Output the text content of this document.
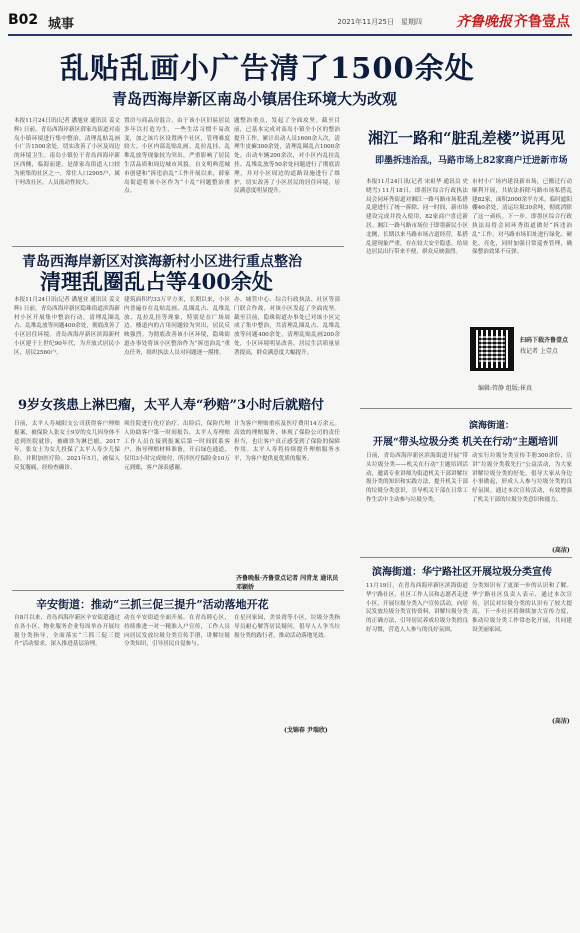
B02 城事	2021年11月25日　星期四 齐鲁晚报 齐鲁壹点
乱贴乱画小广告清了1500余处
青岛西海岸新区南岛小镇居住环境大为改观
本报11月24日讯(记者 潘旭业 通讯员 姜文辉) 日前，青岛西海岸新区薛家岛街道对南岛小镇环境进行集中整治，清理乱贴乱画小广告1500余处，切实改善了小区及周边的环境卫生。南岛小镇位于青岛西海岸新区西侧，临海而建，是薛家岛街道人口较为密集的社区之一，常住人口2905户，属于村改社区，人员流动性较大。
置房与商品房混合，由于该小区旧區居民多年以打造为生，一些生活习惯不易改变，加之该片区设置两个社区，管理难度较大。小区内部乱贴乱画、乱拉乱挂、乱堆乱放等现象较为突出，严重影响了居民生活品质和周边城市风貌。自文明典范城市创建和“拆违治乱”工作开展以来，薛家岛街道将该小区作为“十乱”问题整治重点。
题整治重点，发起了全面攻坚。截至目前，已基本完成对南岛小镇全小区的整治提升工作，累计出动人员1600余人次，清理牛皮癣300余处，清理乱圈乱占1000余处，出动车辆200余次，对小区内乱拉乱挂、乱堆乱放等50余处问题进行了彻底清理，并对小区周边的道路设施进行了维护，切实改善了小区居民的居住环境，居民满意度明显提升。
湘江一路和“脏乱差楼”说再见
即墨拆违治乱，马路市场上82家商户迁进新市场
本报11月24日讯(记者 宋祖华 通讯员 史晓雪) 11月18日，即墨区综合行政执法局会同环秀街道对湘江一路马路市场私搭乱建进行了统一拆除。同一时间，新市场建设完成并投入使用，82家商户喜迁新居。湘江一路马路市场位于即墨新民小区北侧，长期以来马路市场占道经营，私搭乱建现象严重，存在较大安全隐患，给周边居民出行带来不便，群众反映强烈。
市村小广场内建设新市场，已搬迁行动顺利开展，共依法拆除马路市场私搭乱建82家，面积2000余平方米，临时遮阳棚40余处，清运垃圾30余吨，彻底消除了这一顽疾。下一步，即墨区综合行政执法局将会同环秀街道做好“拆违治乱”工作，对马路市场旧址进行绿化、硬化、亮化，同时加强日常巡查管理，确保整治效果不反弹。
扫码下载齐鲁壹点
找记者 上壹点
编辑:管静 组版:崔真
青岛西海岸新区对滨海新村小区进行重点整治
清理乱圈乱占等400余处
本报11月24日讯(记者 潘旭业 通讯员 姜文辉) 日前，青岛西海岸新区隐珠街道滨海新村小区开展集中整治行动，清理乱圈乱占、乱堆乱放等问题400余处，彻底改善了小区居住环境。青岛西海岸新区滨海新村小区建于上世纪90年代，为开放式居民小区，居民2560户。
建筑面积约33万平方米，长期以来，小区内普遍存在乱贴乱画、乱圈乱占、乱堆乱放、乱拉乱挂等现象，特别是在广场周边、楼道内的占用问题较为突出，居民反映强烈。为彻底改善该小区环境，隐珠街道办事处将该小区整治作为“拆违治乱”重点任务，组织执法人员对问题逐一摸排。
办、城管中心、综合行政执法、社区等部门联合作战，对该小区发起了全面攻坚。截至目前，隐珠街道办事处已对该小区完成了集中整治，共清理乱圈乱占、乱堆乱放等问题400余处，清理乱贴乱画200余处，小区环境明显改善，居民生活质量显著提高，群众满意度大幅提升。
9岁女孩患上淋巴瘤，太平人寿“秒赔”3小时后就赔付
日前，太平人寿城阳支公司获得客户理赔报案，被保险人张女士9岁的女儿因身体不适到医院就诊，被确诊为淋巴瘤。2017年，张女士为女儿投保了太平人寿少儿保险，并附加医疗险。2021年5月，被保人反复腹痛，经检查确诊。
须住院进行化疗治疗。出险后，保险代理人协助客户第一时间报告，太平人寿理赔工作人员在接到报案后第一时间联系客户，指导理赔材料准备，开启绿色通道，仅用3小时完成赔付，所涉医疗保险金10万元到账，客户深表感谢。
计为客户理赔重疾及医疗费用14万余元。高效的理赔服务，体现了保险公司的责任担当，也让客户真正感受到了保险的保障作用。太平人寿将持续提升理赔服务水平，为客户提供更优质的服务。
齐鲁晚报·齐鲁壹点记者 闫青龙 通讯员 邓颖娇
辛安街道：推动“三抓三促三提升”活动落地开花
自8月以来，青岛西海岸新区辛安街道通过在各小区、物业服务企业每周举办开展垃圾分类指导，全面落实“三抓三促三提升”活动要求，深入推进基层治理。
动在辛安街道全面开展。在青岛睦心区，持续推进一对一精准入户宣传，工作人员向居民发放垃圾分类宣传手册，讲解垃圾分类知识，引导居民自觉参与。
在星河家园，美景湾等小区，垃圾分类指导员耐心解答居民疑问，倡导人人争当垃圾分类的践行者，推动活动落地见效。
(戈锦春 尹瑞欣)
滨海街道：
开展“带头垃圾分类 机关在行动”主题培训
日前，青岛西海岸新区滨海街道开展“带头垃圾分类——机关在行动”主题培训活动，邀请专业讲师为街道机关干部讲解垃圾分类的知识和实践方法，提升机关干部的垃圾分类意识，引导机关干部在日常工作生活中主动参与垃圾分类。
动实行垃圾分类宣传手册300余份，宣讲“垃圾分类我先行”公益活动，为大家讲解垃圾分类的好处，倡导大家从身边小事做起，形成人人参与垃圾分类的良好氛围。通过本次宣传活动，有效增强了机关干部的垃圾分类意识和能力。
(高洁)
滨海街道：华宁路社区开展垃圾分类宣传
11月19日，在青岛西海岸新区滨海街道华宁路社区，社区工作人员和志愿者走进小区，开展垃圾分类入户宣传活动，向居民发放垃圾分类宣传资料，讲解垃圾分类的正确方法，引导居民养成垃圾分类的良好习惯，营造人人参与的良好氛围。
分类知识有了更深一步的认识和了解。华宁路社区负责人表示，通过本次宣传，居民对垃圾分类的认识有了较大提高，下一步社区将继续加大宣传力度，推动垃圾分类工作常态化开展，共同建设美丽家园。
(高洁)
